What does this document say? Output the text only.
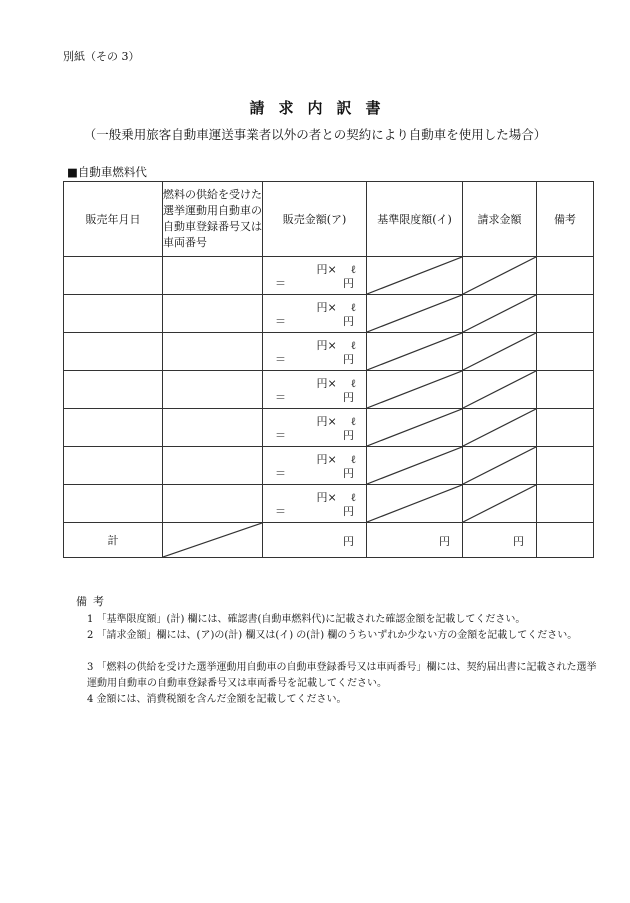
別紙（その 3）
請求内訳書
（一般乗用旅客自動車運送事業者以外の者との契約により自動車を使用した場合）
■自動車燃料代
販売年月日	燃料の供給を受けた選挙運動用自動車の自動車登録番号又は車両番号	販売金額(ア)	基準限度額(イ)	請求金額	備考

		円× ℓ
＝ 円

		円× ℓ
＝ 円

		円× ℓ
＝ 円

		円× ℓ
＝ 円

		円× ℓ
＝ 円

		円× ℓ
＝ 円

		円× ℓ
＝ 円

計		円	円	円	

備考
1 「基準限度額」(計) 欄には、確認書(自動車燃料代)に記載された確認金額を記載してください。
2 「請求金額」欄には、(ア)の(計) 欄又は(イ) の(計) 欄のうちいずれか少ない方の金額を記載してください。
3 「燃料の供給を受けた選挙運動用自動車の自動車登録番号又は車両番号」欄には、契約届出書に記載された選挙運動用自動車の自動車登録番号又は車両番号を記載してください。
4 金額には、消費税額を含んだ金額を記載してください。
